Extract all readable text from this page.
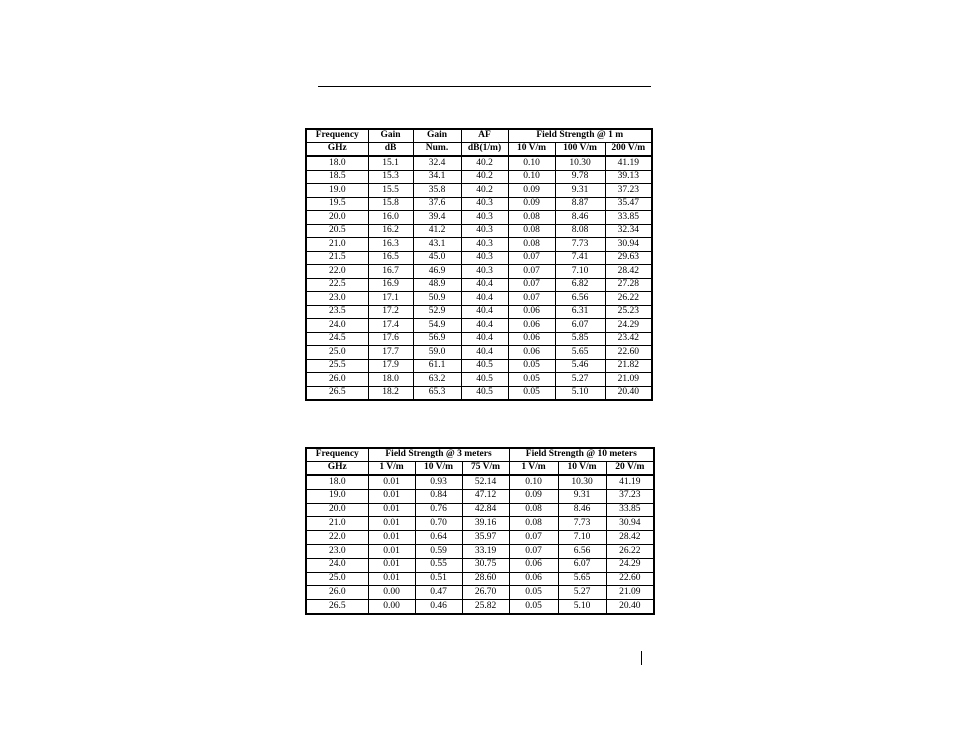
Frequency	Gain	Gain	AF	Field Strength @ 1 m		
GHz	dB	Num.	dB(1/m)	10 V/m	100 V/m	200 V/m
18.0	15.1	32.4	40.2	0.10	10.30	41.19
18.5	15.3	34.1	40.2	0.10	9.78	39.13
19.0	15.5	35.8	40.2	0.09	9.31	37.23
19.5	15.8	37.6	40.3	0.09	8.87	35.47
20.0	16.0	39.4	40.3	0.08	8.46	33.85
20.5	16.2	41.2	40.3	0.08	8.08	32.34
21.0	16.3	43.1	40.3	0.08	7.73	30.94
21.5	16.5	45.0	40.3	0.07	7.41	29.63
22.0	16.7	46.9	40.3	0.07	7.10	28.42
22.5	16.9	48.9	40.4	0.07	6.82	27.28
23.0	17.1	50.9	40.4	0.07	6.56	26.22
23.5	17.2	52.9	40.4	0.06	6.31	25.23
24.0	17.4	54.9	40.4	0.06	6.07	24.29
24.5	17.6	56.9	40.4	0.06	5.85	23.42
25.0	17.7	59.0	40.4	0.06	5.65	22.60
25.5	17.9	61.1	40.5	0.05	5.46	21.82
26.0	18.0	63.2	40.5	0.05	5.27	21.09
26.5	18.2	65.3	40.5	0.05	5.10	20.40
Frequency	Field Strength @ 3 meters			Field Strength @ 10 meters		
GHz	1 V/m	10 V/m	75 V/m	1 V/m	10 V/m	20 V/m
18.0	0.01	0.93	52.14	0.10	10.30	41.19
19.0	0.01	0.84	47.12	0.09	9.31	37.23
20.0	0.01	0.76	42.84	0.08	8.46	33.85
21.0	0.01	0.70	39.16	0.08	7.73	30.94
22.0	0.01	0.64	35.97	0.07	7.10	28.42
23.0	0.01	0.59	33.19	0.07	6.56	26.22
24.0	0.01	0.55	30.75	0.06	6.07	24.29
25.0	0.01	0.51	28.60	0.06	5.65	22.60
26.0	0.00	0.47	26.70	0.05	5.27	21.09
26.5	0.00	0.46	25.82	0.05	5.10	20.40
